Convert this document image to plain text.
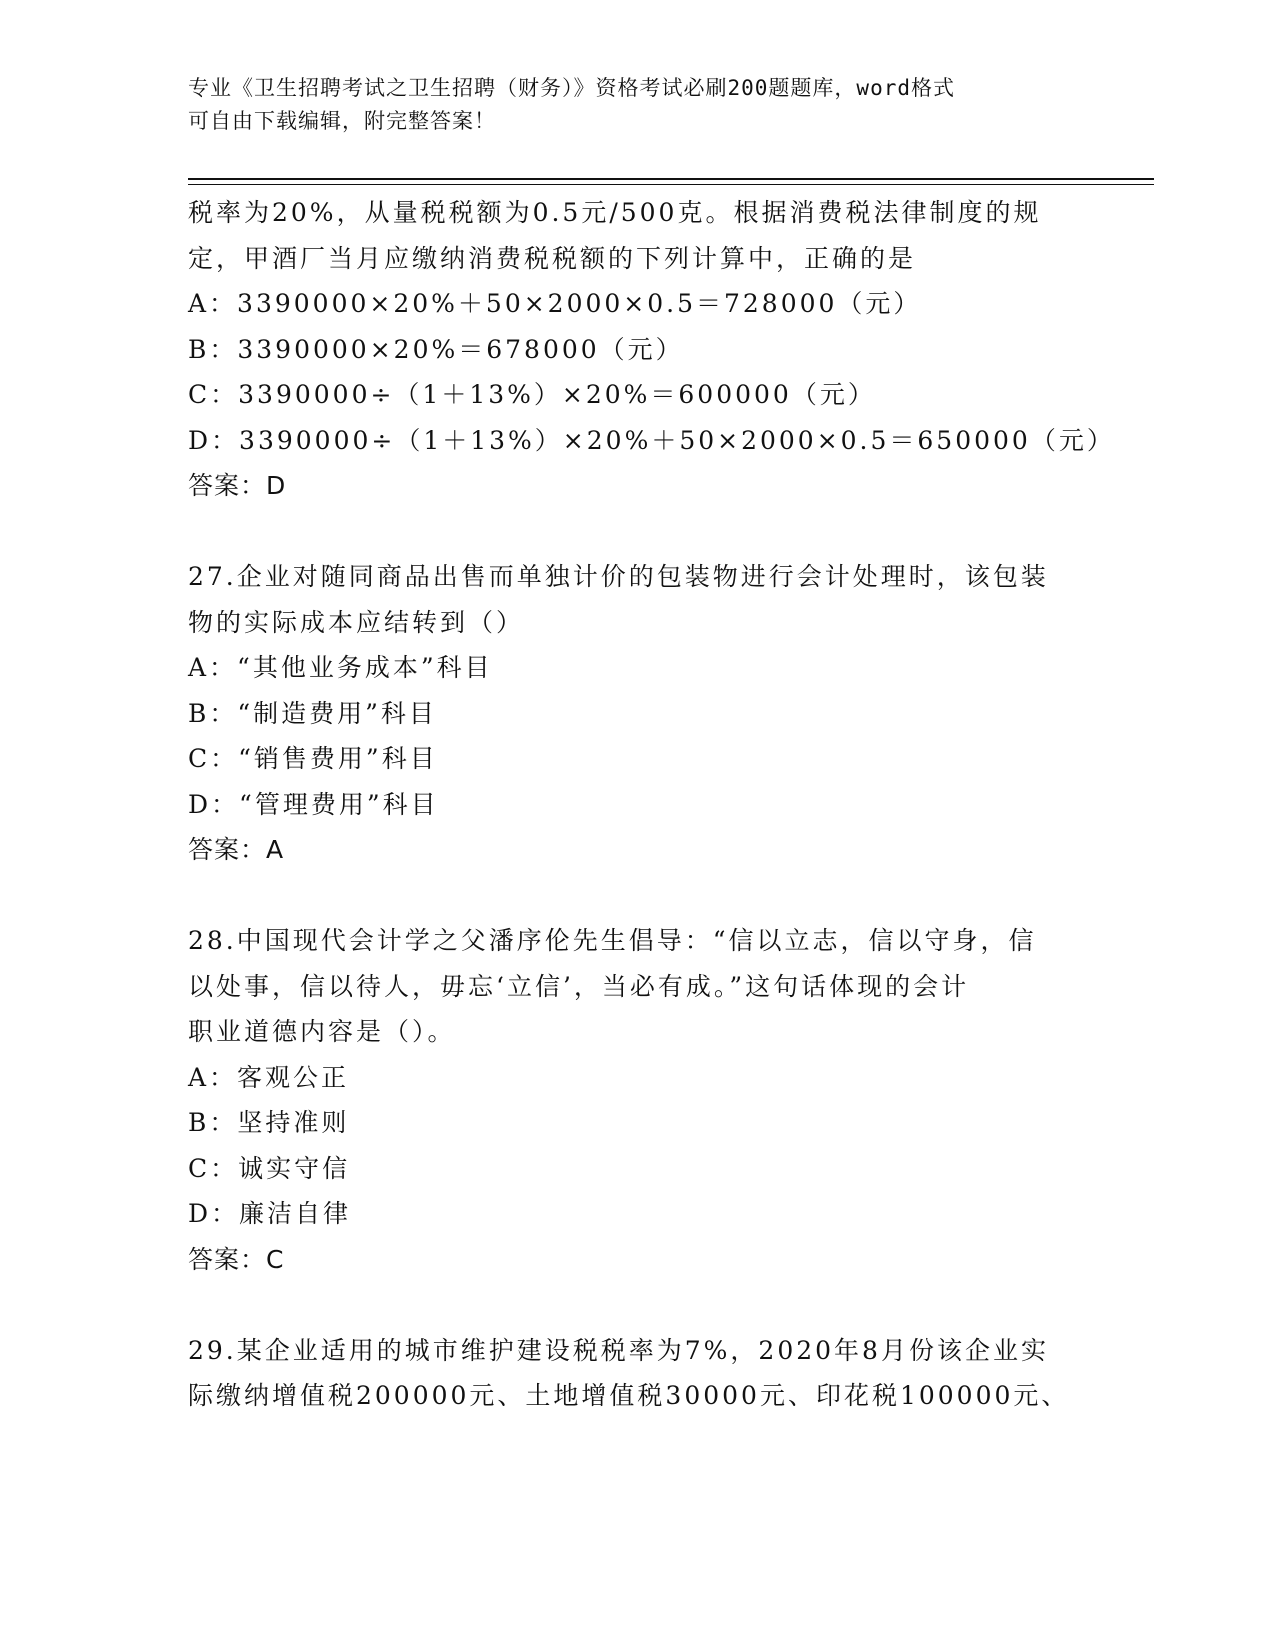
专业《卫生招聘考试之卫生招聘（财务）》资格考试必刷200题题库，word格式
可自由下载编辑，附完整答案！
税率为20%，从量税税额为0.5元/500克。根据消费税法律制度的规
定，甲酒厂当月应缴纳消费税税额的下列计算中，正确的是
A：3390000×20%＋50×2000×0.5＝728000（元）
B：3390000×20%＝678000（元）
C：3390000÷（1＋13%）×20%＝600000（元）
D：3390000÷（1＋13%）×20%＋50×2000×0.5＝650000（元）
答案：D
27.企业对随同商品出售而单独计价的包装物进行会计处理时，该包装
物的实际成本应结转到（）
A：“其他业务成本”科目
B：“制造费用”科目
C：“销售费用”科目
D：“管理费用”科目
答案：A
28.中国现代会计学之父潘序伦先生倡导：“信以立志，信以守身，信
以处事，信以待人，毋忘‘立信’，当必有成。”这句话体现的会计
职业道德内容是（）。
A：客观公正
B：坚持准则
C：诚实守信
D：廉洁自律
答案：C
29.某企业适用的城市维护建设税税率为7%，2020年8月份该企业实
际缴纳增值税200000元、土地增值税30000元、印花税100000元、
